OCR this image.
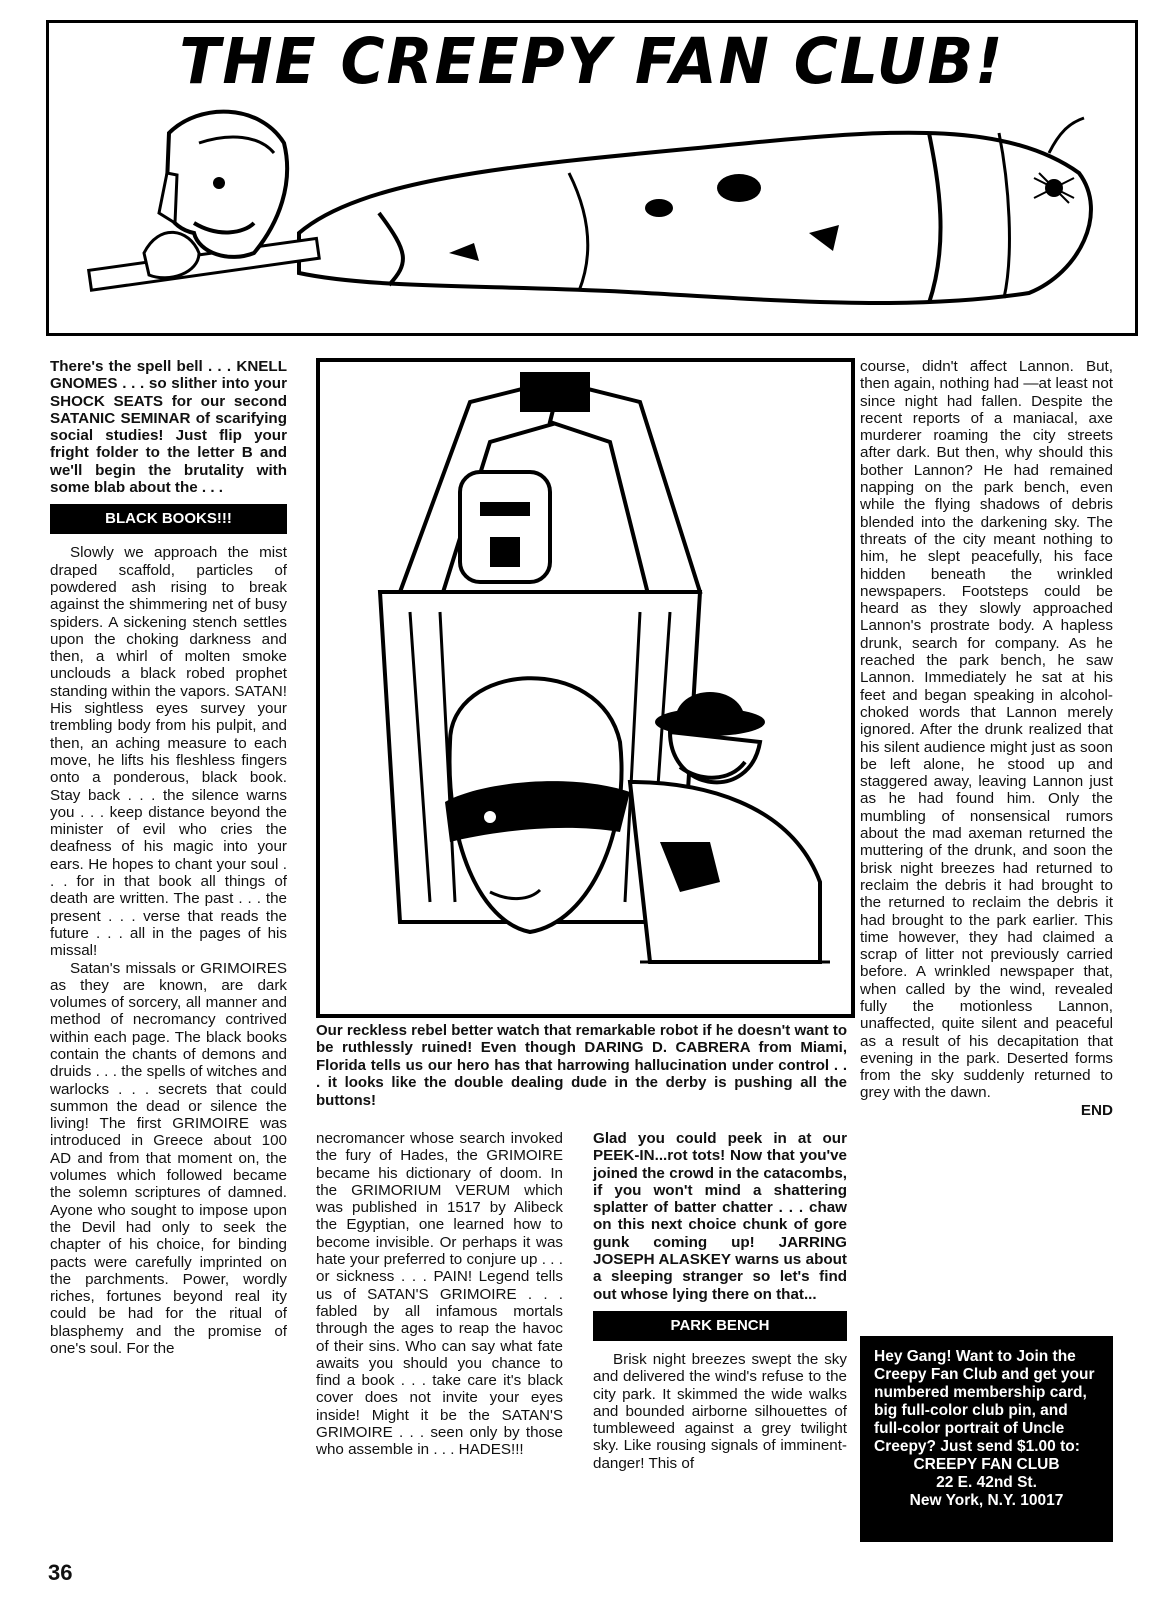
THE CREEPY FAN CLUB!

There's the spell bell . . . KNELL GNOMES . . . so slither into your SHOCK SEATS for our second SATANIC SEMINAR of scarifying social studies! Just flip your fright folder to the letter B and we'll begin the brutality with some blab about the . . .

BLACK BOOKS!!!

Slowly we approach the mist draped scaffold, particles of powdered ash rising to break against the shimmering net of busy spiders. A sickening stench settles upon the choking darkness and then, a whirl of molten smoke unclouds a black robed prophet standing within the vapors. SATAN! His sightless eyes survey your trembling body from his pulpit, and then, an aching measure to each move, he lifts his fleshless fingers onto a ponderous, black book. Stay back . . . the silence warns you . . . keep distance beyond the minister of evil who cries the deafness of his magic into your ears. He hopes to chant your soul . . . for in that book all things of death are written. The past . . . the present . . . verse that reads the future . . . all in the pages of his missal!

Satan's missals or GRIMOIRES as they are known, are dark volumes of sorcery, all manner and method of necromancy contrived within each page. The black books contain the chants of demons and druids . . . the spells of witches and warlocks . . . secrets that could summon the dead or silence the living! The first GRIMOIRE was introduced in Greece about 100 AD and from that moment on, the volumes which followed became the solemn scriptures of damned. Ayone who sought to impose upon the Devil had only to seek the chapter of his choice, for binding pacts were carefully imprinted on the parchments. Power, wordly riches, fortunes beyond real ity could be had for the ritual of blasphemy and the promise of one's soul. For the

Our reckless rebel better watch that remarkable robot if he doesn't want to be ruthlessly ruined! Even though DARING D. CABRERA from Miami, Florida tells us our hero has that harrowing hallucination under control . . . it looks like the double dealing dude in the derby is pushing all the buttons!

necromancer whose search invoked the fury of Hades, the GRIMOIRE became his dictionary of doom. In the GRIMORIUM VERUM which was published in 1517 by Alibeck the Egyptian, one learned how to become invisible. Or perhaps it was hate your preferred to conjure up . . . or sickness . . . PAIN! Legend tells us of SATAN'S GRIMOIRE . . . fabled by all infamous mortals through the ages to reap the havoc of their sins. Who can say what fate awaits you should you chance to find a book . . . take care it's black cover does not invite your eyes inside! Might it be the SATAN'S GRIMOIRE . . . seen only by those who assemble in . . . HADES!!!

Glad you could peek in at our PEEK-IN...rot tots! Now that you've joined the crowd in the catacombs, if you won't mind a shattering splatter of batter chatter . . . chaw on this next choice chunk of gore gunk coming up! JARRING JOSEPH ALASKEY warns us about a sleeping stranger so let's find out whose lying there on that...

PARK BENCH

Brisk night breezes swept the sky and delivered the wind's refuse to the city park. It skimmed the wide walks and bounded airborne silhouettes of tumbleweed against a grey twilight sky. Like rousing signals of imminent-danger! This of

course, didn't affect Lannon. But, then again, nothing had —at least not since night had fallen. Despite the recent reports of a maniacal, axe murderer roaming the city streets after dark. But then, why should this bother Lannon? He had remained napping on the park bench, even while the flying shadows of debris blended into the darkening sky. The threats of the city meant nothing to him, he slept peacefully, his face hidden beneath the wrinkled newspapers. Footsteps could be heard as they slowly approached Lannon's prostrate body. A hapless drunk, search for company. As he reached the park bench, he saw Lannon. Immediately he sat at his feet and began speaking in alcohol-choked words that Lannon merely ignored. After the drunk realized that his silent audience might just as soon be left alone, he stood up and staggered away, leaving Lannon just as he had found him. Only the mumbling of nonsensical rumors about the mad axeman returned the muttering of the drunk, and soon the brisk night breezes had returned to reclaim the debris it had brought to the returned to reclaim the debris it had brought to the park earlier. This time however, they had claimed a scrap of litter not previously carried before. A wrinkled newspaper that, when called by the wind, revealed fully the motionless Lannon, unaffected, quite silent and peaceful as a result of his decapitation that evening in the park. Deserted forms from the sky suddenly returned to grey with the dawn.

END
Hey Gang! Want to Join the Creepy Fan Club and get your numbered membership card, big full-color club pin, and full-color portrait of Uncle Creepy? Just send $1.00 to:
CREEPY FAN CLUB
22 E. 42nd St.
New York, N.Y. 10017
36
